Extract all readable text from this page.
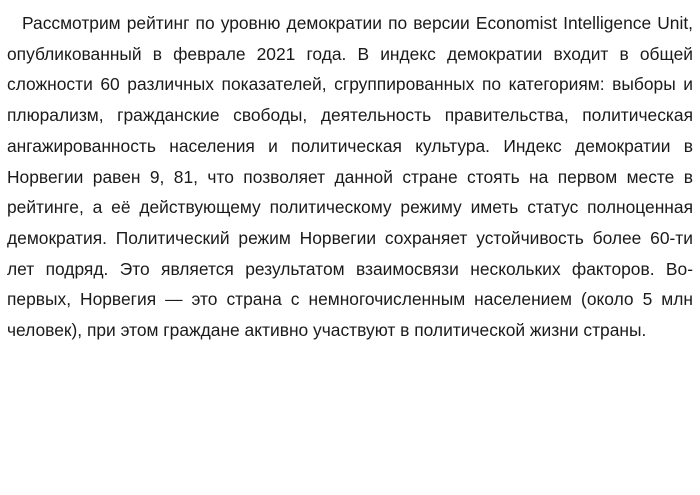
Рассмотрим рейтинг по уровню демократии по версии Economist Intelligence Unit, опубликованный в феврале 2021 года. В индекс демократии входит в общей сложности 60 различных показателей, сгруппированных по категориям: выборы и плюрализм, гражданские свободы, деятельность правительства, политическая ангажированность населения и политическая культура. Индекс демократии в Норвегии равен 9, 81, что позволяет данной стране стоять на первом месте в рейтинге, а её действующему политическому режиму иметь статус полноценная демократия. Политический режим Норвегии сохраняет устойчивость более 60-ти лет подряд. Это является результатом взаимосвязи нескольких факторов. Во-первых, Норвегия — это страна с немногочисленным населением (около 5 млн человек), при этом граждане активно участвуют в политической жизни страны.
